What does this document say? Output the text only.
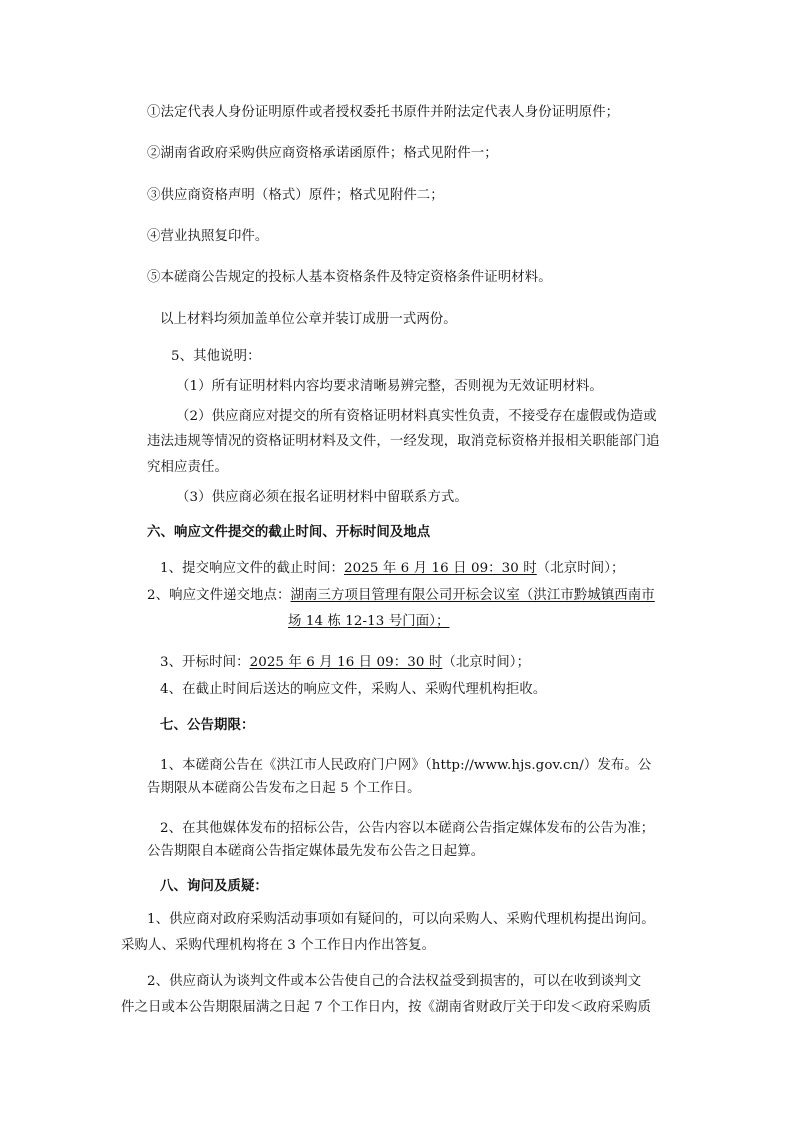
①法定代表人身份证明原件或者授权委托书原件并附法定代表人身份证明原件；
②湖南省政府采购供应商资格承诺函原件；格式见附件一；
③供应商资格声明（格式）原件；格式见附件二；
④营业执照复印件。
⑤本磋商公告规定的投标人基本资格条件及特定资格条件证明材料。
以上材料均须加盖单位公章并装订成册一式两份。
5、其他说明：
（1）所有证明材料内容均要求清晰易辨完整，否则视为无效证明材料。
（2）供应商应对提交的所有资格证明材料真实性负责，不接受存在虚假或伪造或
违法违规等情况的资格证明材料及文件，一经发现，取消竞标资格并报相关职能部门追
究相应责任。
（3）供应商必须在报名证明材料中留联系方式。
六、响应文件提交的截止时间、开标时间及地点
1、提交响应文件的截止时间：2025 年 6 月 16 日 09：30 时（北京时间）；
2、响应文件递交地点：湖南三方项目管理有限公司开标会议室（洪江市黔城镇西南市
场 14 栋 12-13 号门面）；
3、开标时间：2025 年 6 月 16 日 09：30 时（北京时间）；
4、在截止时间后送达的响应文件，采购人、采购代理机构拒收。
七、公告期限：
1、本磋商公告在《洪江市人民政府门户网》（http://www.hjs.gov.cn/）发布。公
告期限从本磋商公告发布之日起 5 个工作日。
2、在其他媒体发布的招标公告，公告内容以本磋商公告指定媒体发布的公告为准；
公告期限自本磋商公告指定媒体最先发布公告之日起算。
八、询问及质疑：
1、供应商对政府采购活动事项如有疑问的，可以向采购人、采购代理机构提出询问。
采购人、采购代理机构将在 3 个工作日内作出答复。
2、供应商认为谈判文件或本公告使自己的合法权益受到损害的，可以在收到谈判文
件之日或本公告期限届满之日起 7 个工作日内，按《湖南省财政厅关于印发＜政府采购质
